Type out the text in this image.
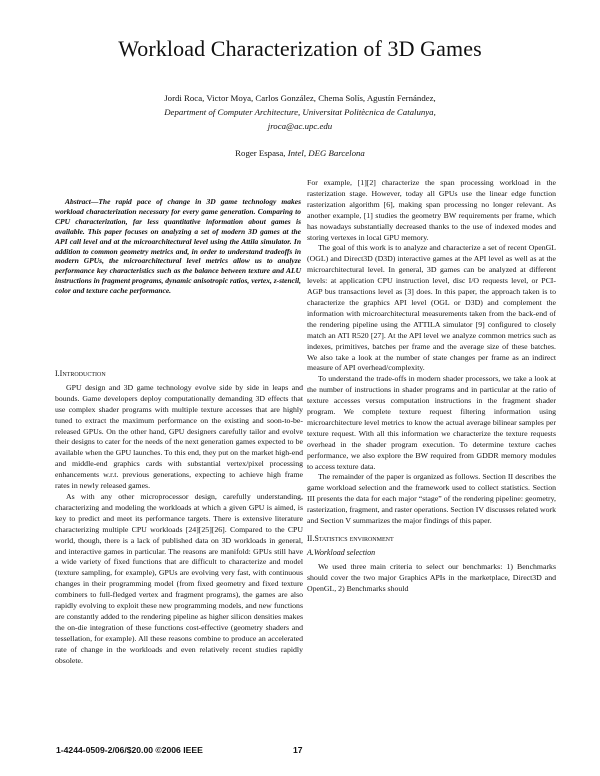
Workload Characterization of 3D Games
Jordi Roca, Victor Moya, Carlos González, Chema Solís, Agustín Fernández,
Department of Computer Architecture, Universitat Politècnica de Catalunya,
jroca@ac.upc.edu
Roger Espasa, Intel, DEG Barcelona

Abstract—The rapid pace of change in 3D game technology makes workload characterization necessary for every game generation. Comparing to CPU characterization, far less quantitative information about games is available. This paper focuses on analyzing a set of modern 3D games at the API call level and at the microarchitectural level using the Attila simulator. In addition to common geometry metrics and, in order to understand tradeoffs in modern GPUs, the microarchitectural level metrics allow us to analyze performance key characteristics such as the balance between texture and ALU instructions in fragment programs, dynamic anisotropic ratios, vertex, z-stencil, color and texture cache performance.

I.Introduction

GPU design and 3D game technology evolve side by side in leaps and bounds. Game developers deploy computationally demanding 3D effects that use complex shader programs with multiple texture accesses that are highly tuned to extract the maximum performance on the existing and soon-to-be-released GPUs. On the other hand, GPU designers carefully tailor and evolve their designs to cater for the needs of the next generation games expected to be available when the GPU launches. To this end, they put on the market high-end and middle-end graphics cards with substantial vertex/pixel processing enhancements w.r.t. previous generations, expecting to achieve high frame rates in newly released games.

As with any other microprocessor design, carefully understanding, characterizing and modeling the workloads at which a given GPU is aimed, is key to predict and meet its performance targets. There is extensive literature characterizing multiple CPU workloads [24][25][26]. Compared to the CPU world, though, there is a lack of published data on 3D workloads in general, and interactive games in particular. The reasons are manifold: GPUs still have a wide variety of fixed functions that are difficult to characterize and model (texture sampling, for example), GPUs are evolving very fast, with continuous changes in their programming model (from fixed geometry and fixed texture combiners to full-fledged vertex and fragment programs), the games are also rapidly evolving to exploit these new programming models, and new functions are constantly added to the rendering pipeline as higher silicon densities makes the on-die integration of these functions cost-effective (geometry shaders and tessellation, for example). All these reasons combine to produce an accelerated rate of change in the workloads and even relatively recent studies rapidly obsolete.

For example, [1][2] characterize the span processing workload in the rasterization stage. However, today all GPUs use the linear edge function rasterization algorithm [6], making span processing no longer relevant. As another example, [1] studies the geometry BW requirements per frame, which has nowadays substantially decreased thanks to the use of indexed modes and storing vertexes in local GPU memory.

The goal of this work is to analyze and characterize a set of recent OpenGL (OGL) and Direct3D (D3D) interactive games at the API level as well as at the microarchitectural level. In general, 3D games can be analyzed at different levels: at application CPU instruction level, disc I/O requests level, or PCI-AGP bus transactions level as [3] does. In this paper, the approach taken is to characterize the graphics API level (OGL or D3D) and complement the information with microarchitectural measurements taken from the back-end of the rendering pipeline using the ATTILA simulator [9] configured to closely match an ATI R520 [27]. At the API level we analyze common metrics such as indexes, primitives, batches per frame and the average size of these batches. We also take a look at the number of state changes per frame as an indirect measure of API overhead/complexity.

To understand the trade-offs in modern shader processors, we take a look at the number of instructions in shader programs and in particular at the ratio of texture accesses versus computation instructions in the fragment shader program. We complete texture request filtering information using microarchitecture level metrics to know the actual average bilinear samples per texture request. With all this information we characterize the texture requests overhead in the shader program execution. To determine texture caches performance, we also explore the BW required from GDDR memory modules to access texture data.

The remainder of the paper is organized as follows. Section II describes the game workload selection and the framework used to collect statistics. Section III presents the data for each major “stage” of the rendering pipeline: geometry, rasterization, fragment, and raster operations. Section IV discusses related work and Section V summarizes the major findings of this paper.

II.Statistics environment

A.Workload selection

We used three main criteria to select our benchmarks: 1) Benchmarks should cover the two major Graphics APIs in the marketplace, Direct3D and OpenGL, 2) Benchmarks should

1-4244-0509-2/06/$20.00 ©2006 IEEE	17
